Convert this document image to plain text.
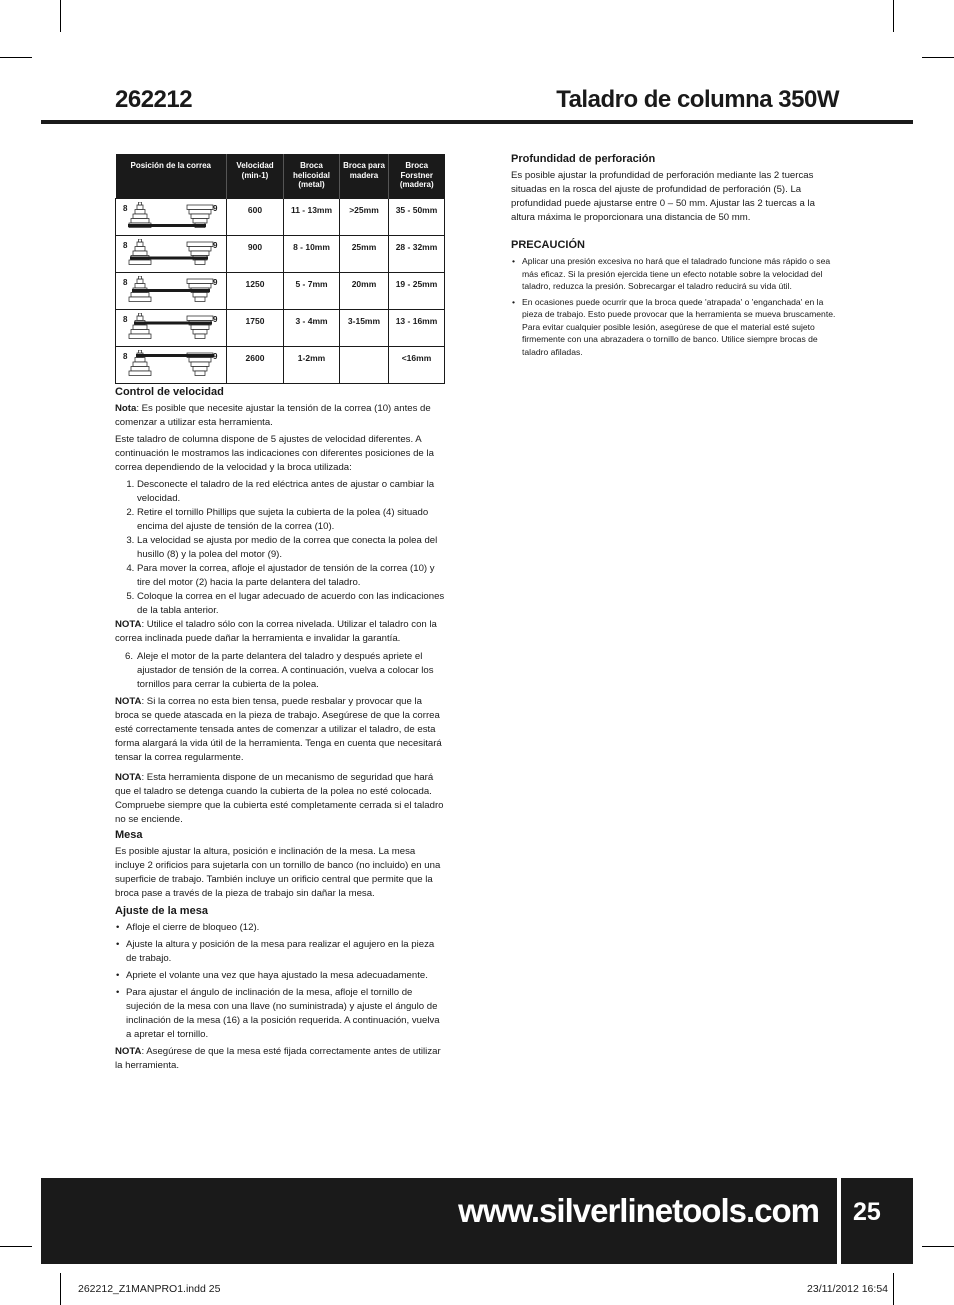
262212	Taladro de columna 350W
Posición de la correa	Velocidad (min-1)	Broca helicoidal (metal)	Broca para madera	Broca Forstner (madera)

8 9	600	11 - 13mm	>25mm	35 - 50mm

8 9	900	8 - 10mm	25mm	28 - 32mm

8 9	1250	5 - 7mm	20mm	19 - 25mm

8 9	1750	3 - 4mm	3-15mm	13 - 16mm

8 9	2600	1-2mm		<16mm
Control de velocidad

Nota: Es posible que necesite ajustar la tensión de la correa (10) antes de comenzar a utilizar esta herramienta.

Este taladro de columna dispone de 5 ajustes de velocidad diferentes. A continuación le mostramos las indicaciones con diferentes posiciones de la correa dependiendo de la velocidad y la broca utilizada:

1. Desconecte el taladro de la red eléctrica antes de ajustar o cambiar la velocidad.
2. Retire el tornillo Phillips que sujeta la cubierta de la polea (4) situado encima del ajuste de tensión de la correa (10).
3. La velocidad se ajusta por medio de la correa que conecta la polea del husillo (8) y la polea del motor (9).
4. Para mover la correa, afloje el ajustador de tensión de la correa (10) y tire del motor (2) hacia la parte delantera del taladro.
5. Coloque la correa en el lugar adecuado de acuerdo con las indicaciones de la tabla anterior.

NOTA: Utilice el taladro sólo con la correa nivelada. Utilizar el taladro con la correa inclinada puede dañar la herramienta e invalidar la garantía.

6. Aleje el motor de la parte delantera del taladro y después apriete el ajustador de tensión de la correa. A continuación, vuelva a colocar los tornillos para cerrar la cubierta de la polea.

NOTA: Si la correa no esta bien tensa, puede resbalar y provocar que la broca se quede atascada en la pieza de trabajo. Asegúrese de que la correa esté correctamente tensada antes de comenzar a utilizar el taladro, de esta forma alargará la vida útil de la herramienta. Tenga en cuenta que necesitará tensar la correa regularmente.

NOTA: Esta herramienta dispone de un mecanismo de seguridad que hará que el taladro se detenga cuando la cubierta de la polea no esté colocada. Compruebe siempre que la cubierta esté completamente cerrada si el taladro no se enciende.

Mesa

Es posible ajustar la altura, posición e inclinación de la mesa. La mesa incluye 2 orificios para sujetarla con un tornillo de banco (no incluido) en una superficie de trabajo. También incluye un orificio central que permite que la broca pase a través de la pieza de trabajo sin dañar la mesa.

Ajuste de la mesa
• Afloje el cierre de bloqueo (12).
• Ajuste la altura y posición de la mesa para realizar el agujero en la pieza de trabajo.
• Apriete el volante una vez que haya ajustado la mesa adecuadamente.
• Para ajustar el ángulo de inclinación de la mesa, afloje el tornillo de sujeción de la mesa con una llave (no suministrada) y ajuste el ángulo de inclinación de la mesa (16) a la posición requerida. A continuación, vuelva a apretar el tornillo.

NOTA: Asegúrese de que la mesa esté fijada correctamente antes de utilizar la herramienta.

Profundidad de perforación

Es posible ajustar la profundidad de perforación mediante las 2 tuercas situadas en la rosca del ajuste de profundidad de perforación (5). La profundidad puede ajustarse entre 0 – 50 mm. Ajustar las 2 tuercas a la altura máxima le proporcionara una distancia de 50 mm.

PRECAUCIÓN
• Aplicar una presión excesiva no hará que el taladrado funcione más rápido o sea más eficaz. Si la presión ejercida tiene un efecto notable sobre la velocidad del taladro, reduzca la presión. Sobrecargar el taladro reducirá su vida útil.
• En ocasiones puede ocurrir que la broca quede 'atrapada' o 'enganchada' en la pieza de trabajo. Esto puede provocar que la herramienta se mueva bruscamente. Para evitar cualquier posible lesión, asegúrese de que el material esté sujeto firmemente con una abrazadera o tornillo de banco. Utilice siempre brocas de taladro afiladas.
www.silverlinetools.com 25
262212_Z1MANPRO1.indd 25	23/11/2012 16:54
